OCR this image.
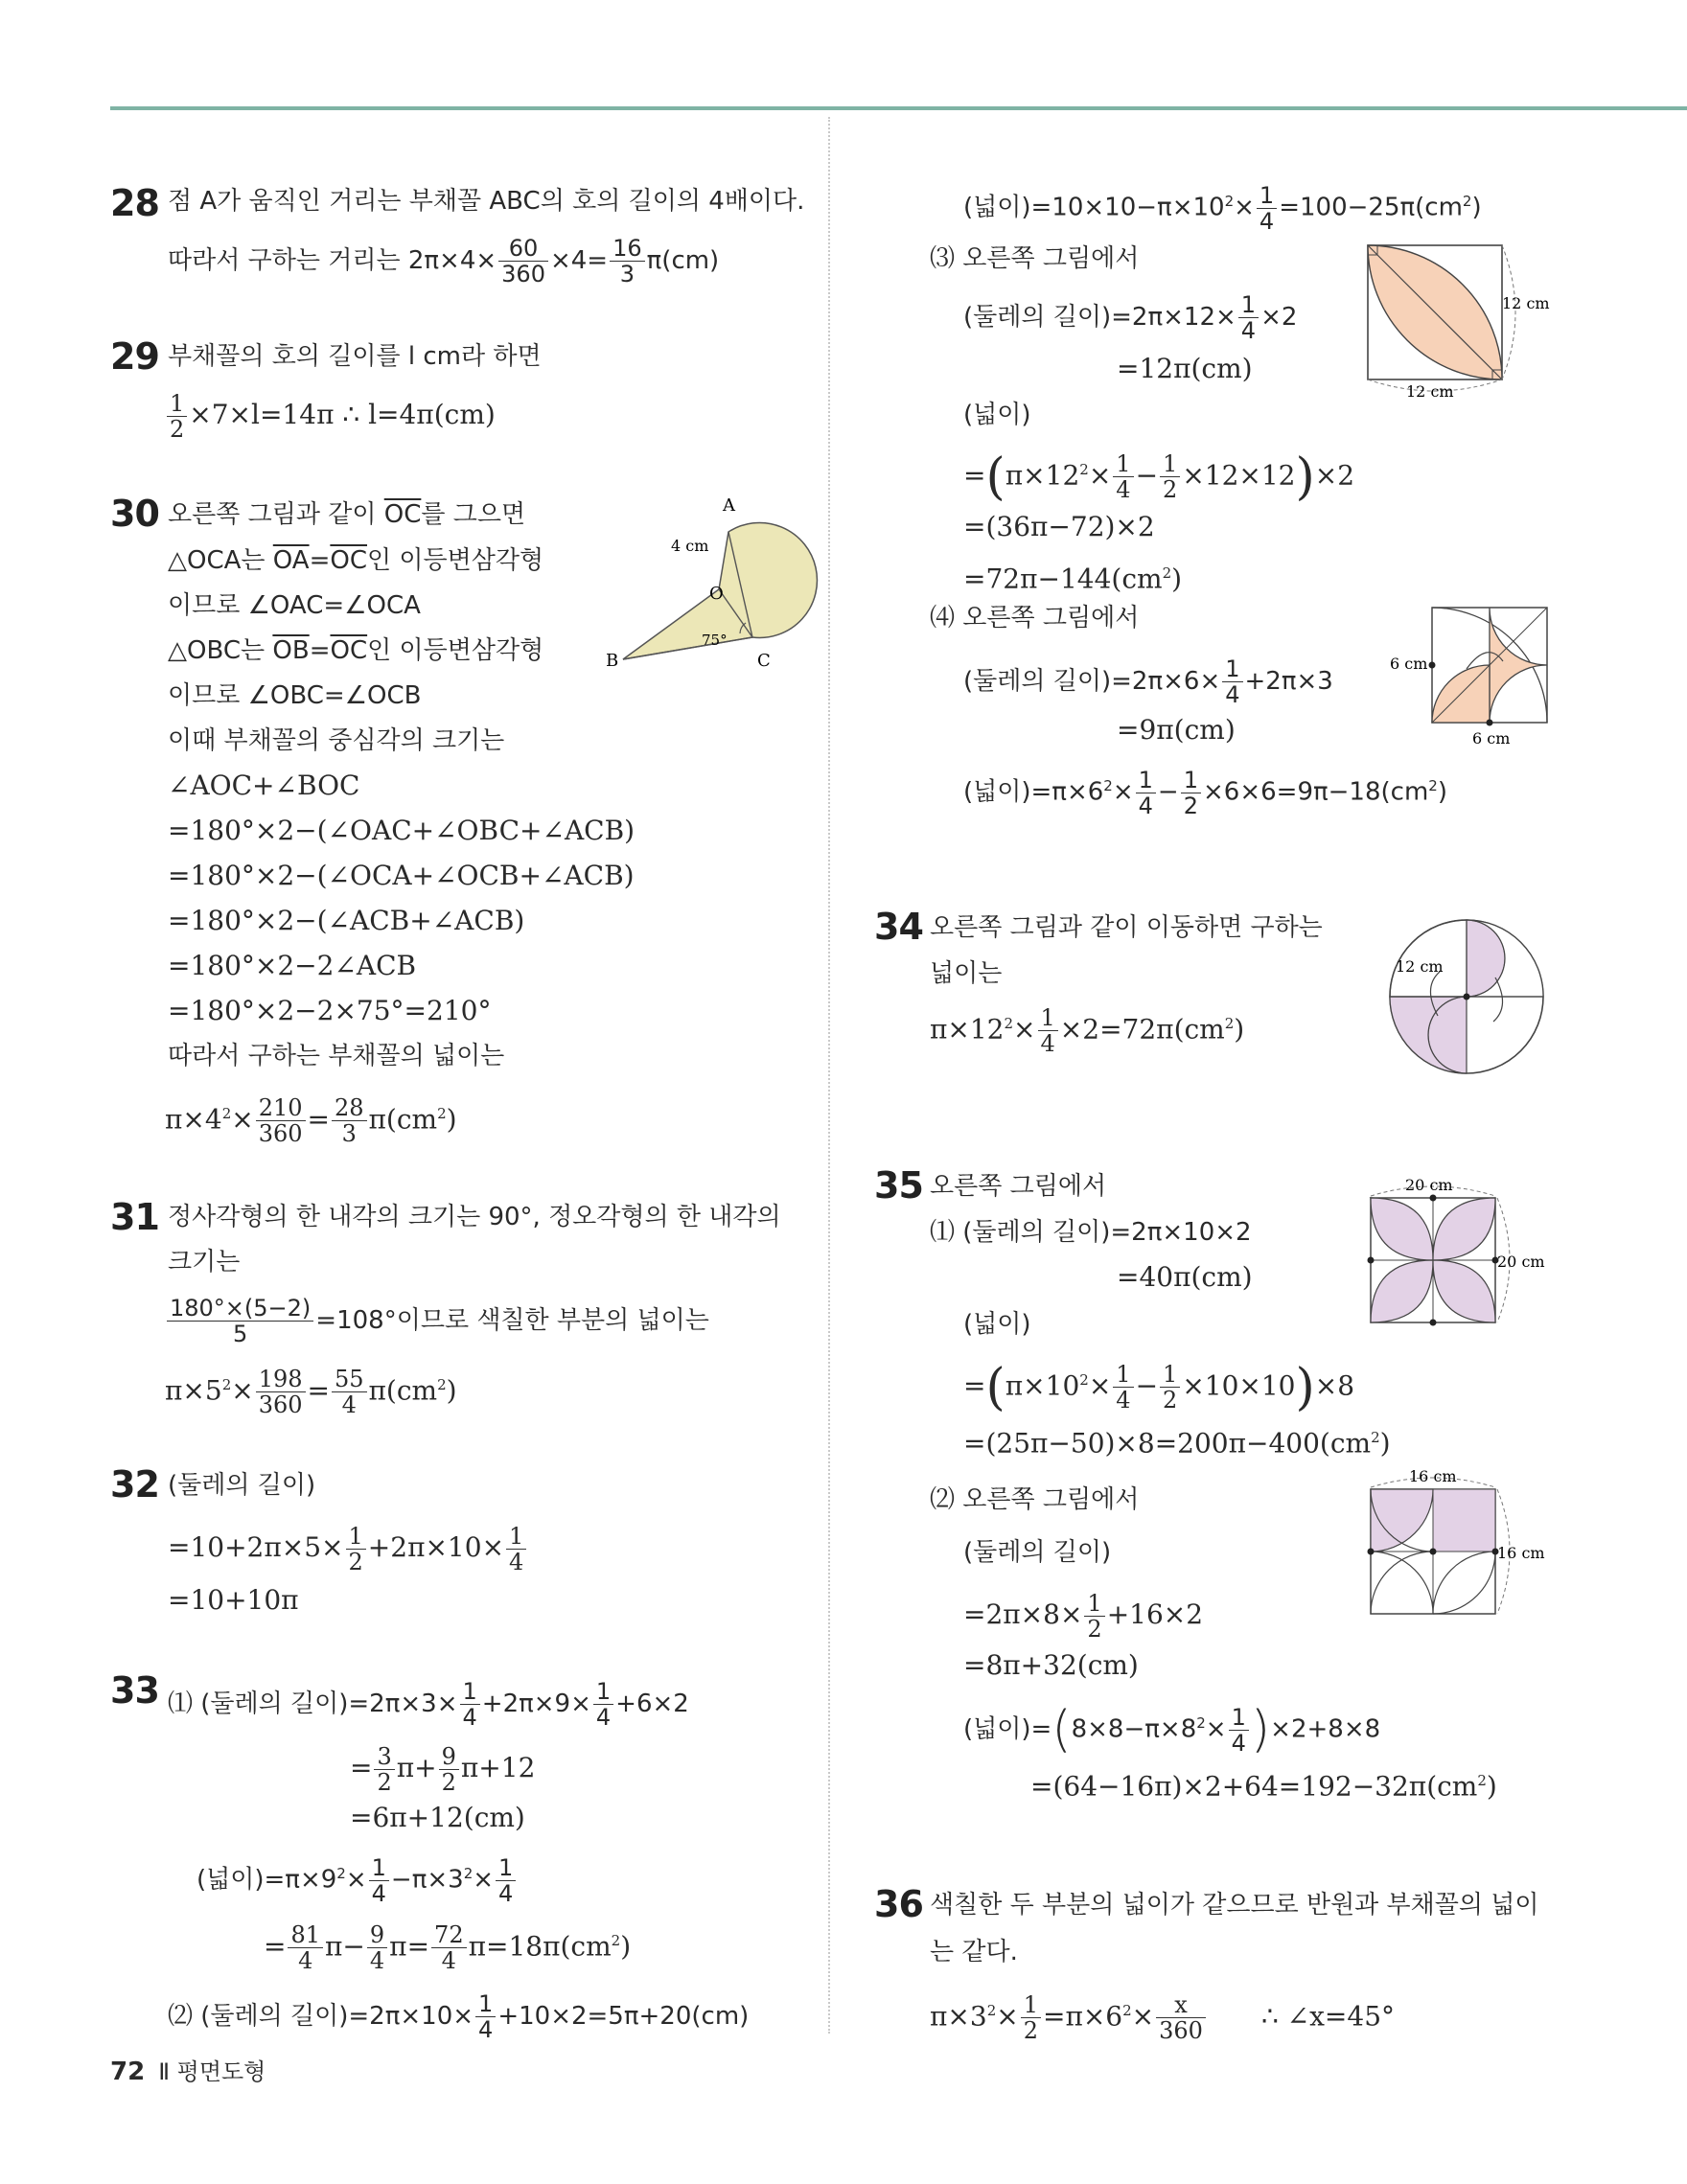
28 점 A가 움직인 거리는 부채꼴 ABC의 호의 길이의 4배이다.
따라서 구하는 거리는 $2\pi\times 4\times \frac{60}{360} \times 4= \frac{16}{3} \pi(cm)$
29 부채꼴의 호의 길이를 l cm라 하면
$\frac{1}{2} \times 7\times l=14\pi$ ∴ l=4π(cm)
30 오른쪽 그림과 같이 $\overline{OC}$를 그으면
△OCA는 $\overline{OA}=\overline{OC}$인 이등변삼각형
이므로 ∠OAC=∠OCA
△OBC는 $\overline{OB}=\overline{OC}$인 이등변삼각형
이므로 ∠OBC=∠OCB
이때 부채꼴의 중심각의 크기는
∠AOC+∠BOC
=180°×2−(∠OAC+∠OBC+∠ACB)
=180°×2−(∠OCA+∠OCB+∠ACB)
=180°×2−(∠ACB+∠ACB)
=180°×2−2∠ACB
=180°×2−2×75°=210°
따라서 구하는 부채꼴의 넓이는
$\pi\times 4^2\times \frac{210}{360} = \frac{28}{3} \pi(cm^2)$
A
O
B	C
4 cm
75°
31 정사각형의 한 내각의 크기는 90°, 정오각형의 한 내각의
크기는
$\frac{180^\circ\times(5-2)}{5} =108^\circ$이므로 색칠한 부분의 넓이는
$\pi\times 5^2\times \frac{198}{360} = \frac{55}{4} \pi(cm^2)$
32 (둘레의 길이)
$=10+2\pi\times 5\times \frac{1}{2} +2\pi\times 10\times \frac{1}{4}$
=10+10π
33 ⑴ (둘레의 길이)$=2\pi\times 3\times \frac{1}{4} +2\pi\times 9\times \frac{1}{4} +6\times 2$
= $\frac{3}{2} \pi+ \frac{9}{2} \pi+12$
=6π+12(cm)
(넓이)$=\pi\times 9^2\times \frac{1}{4} -\pi\times 3^2\times \frac{1}{4}$
= $\frac{81}{4} \pi- \frac{9}{4} \pi= \frac{72}{4} \pi=18\pi(cm^2)$
⑵ (둘레의 길이)$=2\pi\times 10\times \frac{1}{4} +10\times 2=5\pi+20(cm)$
(넓이)$=10\times 10-\pi\times 10^2\times \frac{1}{4} =100-25\pi(cm^2)$
⑶ 오른쪽 그림에서
(둘레의 길이)$=2\pi\times 12\times \frac{1}{4} \times 2$
=12π(cm)
(넓이)
$=(\pi\times 12^2\times \frac{1}{4} - \frac{1}{2} \times 12\times 12)\times 2$
=(36π−72)×2
$=72\pi-144(cm^2)$
12 cm
12 cm
⑷ 오른쪽 그림에서
(둘레의 길이)$=2\pi\times 6\times \frac{1}{4} +2\pi\times 3$
=9π(cm)
(넓이)$=\pi\times 6^2\times \frac{1}{4} - \frac{1}{2} \times 6\times 6=9\pi-18(cm^2)$
6 cm
6 cm
34 오른쪽 그림과 같이 이동하면 구하는
넓이는
$\pi\times 12^2\times \frac{1}{4} \times 2=72\pi(cm^2)$
12 cm
35 오른쪽 그림에서
⑴ (둘레의 길이)=2π×10×2
=40π(cm)
(넓이)
$=(\pi\times 10^2\times \frac{1}{4} - \frac{1}{2} \times 10\times 10)\times 8$
$=(25\pi-50)\times 8=200\pi-400(cm^2)$
⑵ 오른쪽 그림에서
(둘레의 길이)
$=2\pi\times 8\times \frac{1}{2} +16\times 2$
=8π+32(cm)
(넓이)$=(8\times 8-\pi\times 8^2\times \frac{1}{4} )\times 2+8\times 8$
$=(64-16\pi)\times 2+64=192-32\pi(cm^2)$
20 cm
20 cm
16 cm
16 cm
36 색칠한 두 부분의 넓이가 같으므로 반원과 부채꼴의 넓이
는 같다.
$\pi\times 3^2\times \frac{1}{2} =\pi\times 6^2\times \frac{x}{360}$ ∴ ∠x=45°
72 Ⅱ 평면도형
